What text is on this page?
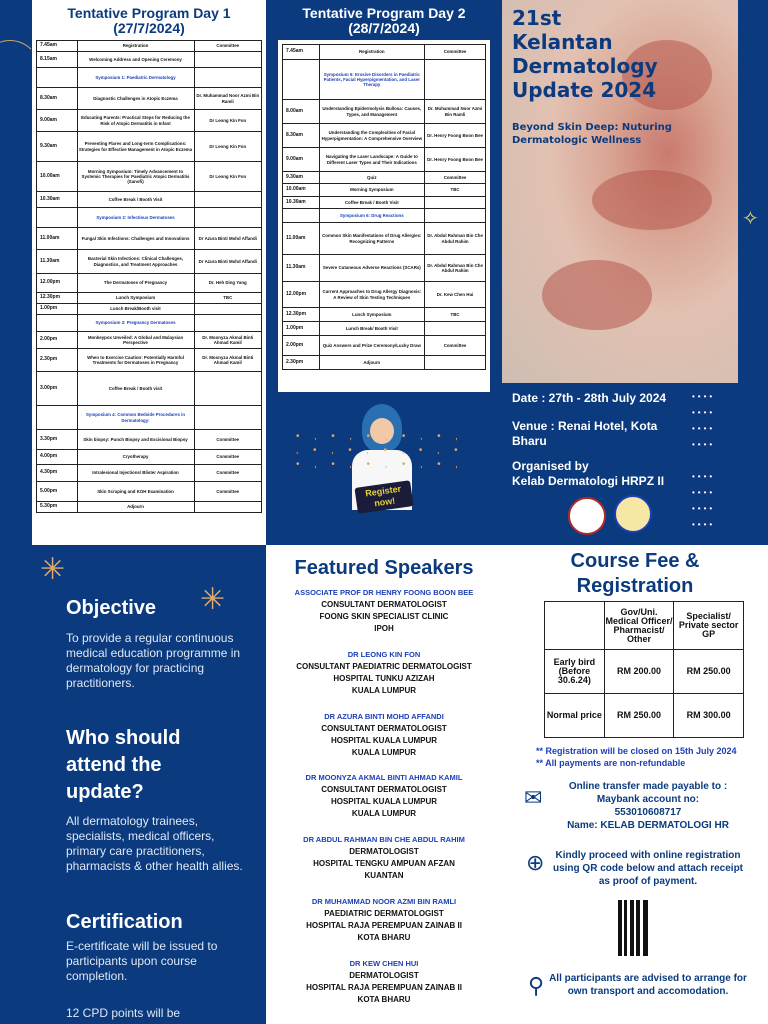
Tentative Program Day 1
(27/7/2024)
7.45am	Registration	Committee
8.15am	Welcoming Address and Opening Ceremony	
	Symposium 1: Paediatric Dermatology	
8.30am	Diagnostic Challenges in Atopic Eczema	Dr. Muhammad Noor Azmi Bin Ramli
9.00am	Educating Parents: Practical Steps for Reducing the Risk of Atopic Dermatitis in Infant	Dr Leong Kin Fon
9.30am	Preventing Flares and Long-term Complications: Strategies for Effective Management in Atopic Eczema	Dr Leong Kin Fon
10.00am	Morning Symposium: Timely Advancement to Systemic Therapies for Paediatric Atopic Dermatitis (Sanofi)	Dr Leong Kin Fon
10.30am	Coffee Break / Booth Visit	
	Symposium 2: Infectious Dermatoses	
11.00am	Fungal Skin Infections: Challenges and Innovations	Dr Azura Binti Mohd Affandi
11.30am	Bacterial Skin Infections: Clinical Challenges, Diagnostics, and Treatment Approaches	Dr Azura Binti Mohd Affandi
12.00pm	The Dermatoses of Pregnancy	Dr. Heh Ding Yang
12.30pm	Lunch Symposium	TBC
1.00pm	Lunch Break/Booth visit	
	Symposium 3: Pregnancy Dermatoses	
2.00pm	Monkeypox Unveiled: A Global and Malaysian Perspective	Dr. Moonyza Akmal Binti Ahmad Kamil
2.30pm	When to Exercise Caution: Potentially Harmful Treatments for Dermatoses in Pregnancy	Dr. Moonyza Akmal Binti Ahmad Kamil
3.00pm	Coffee Break / Booth visit	
	Symposium 4: Common Bedside Procedures in Dermatology:	
3.30pm	Skin biopsy: Punch Biopsy and Excisional Biopsy	Committee
4.00pm	Cryotherapy	Committee
4.30pm	Intralesional Injections/ Blister Aspiration	Committee
5.00pm	Skin Scraping and KOH Examination	Committee
5.30pm	Adjourn	
Tentative Program Day 2
(28/7/2024)
7.45am	Registration	Committee
	Symposium 5: Erosive Disorders in Paediatric Patients, Facial Hyperpigmentation, and Laser Therapy	
8.00am	Understanding Epidermolysis Bullosa: Causes, Types, and Management	Dr. Muhammad Noor Azmi Bin Ramli
8.30am	Understanding the Complexities of Facial Hyperpigmentation: A Comprehensive Overview	Dr. Henry Foong Boon Bee
9.00am	Navigating the Laser Landscape: A Guide to Different Laser Types and Their Indications	Dr. Henry Foong Boon Bee
9.30am	Quiz	Committee
10.00am	Morning Symposium	TBC
10.30am	Coffee Break / Booth Visit	
	Symposium 6: Drug Reactions	
11.00am	Common Skin Manifestations of Drug Allergies: Recognizing Patterns	Dr. Abdul Rahman Bin Che Abdul Rahim
11.30am	Severe Cutaneous Adverse Reactions (SCARs)	Dr. Abdul Rahman Bin Che Abdul Rahim
12.00pm	Current Approaches to Drug Allergy Diagnosis: A Review of Skin Testing Techniques	Dr. Kew Chen Hui
12.30pm	Lunch Symposium	TBC
1.00pm	Lunch Break/ Booth Visit	
2.00pm	Quiz Answers and Prize Ceremony/Lucky Draw	Committee
2.30pm	Adjourn	
Register now!
• ‚ • ‚ • ‚ • ‚ • ‚
‚ • ‚ • ‚ • ‚ • ‚ •
• ‚ • ‚ • ‚ • ‚ • ‚
21st
Kelantan
Dermatology
Update 2024
Beyond Skin Deep: Nuturing Dermatologic Wellness
✧
Date : 27th - 28th July 2024
Venue : Renai Hotel, Kota Bharu
Organised by
Kelab Dermatologi HRPZ II
••••

••••

••••

••••
••••

••••

••••

••••
✳
✳
Objective

To provide a regular continuous medical education programme in dermatology for practicing practitioners.

Who should attend the update?

All dermatology trainees, specialists, medical officers, primary care practitioners, pharmacists & other health allies.

Certification

E-certificate will be issued to participants upon course completion.

12 CPD points will be

Featured Speakers
ASSOCIATE PROF DR HENRY FOONG BOON BEE
CONSULTANT DERMATOLOGIST
FOONG SKIN SPECIALIST CLINIC
IPOH
DR LEONG KIN FON
CONSULTANT PAEDIATRIC DERMATOLOGIST
HOSPITAL TUNKU AZIZAH
KUALA LUMPUR
DR AZURA BINTI MOHD AFFANDI
CONSULTANT DERMATOLOGIST
HOSPITAL KUALA LUMPUR
KUALA LUMPUR
DR MOONYZA AKMAL BINTI AHMAD KAMIL
CONSULTANT DERMATOLOGIST
HOSPITAL KUALA LUMPUR
KUALA LUMPUR
DR ABDUL RAHMAN BIN CHE ABDUL RAHIM
DERMATOLOGIST
HOSPITAL TENGKU AMPUAN AFZAN
KUANTAN
DR MUHAMMAD NOOR AZMI BIN RAMLI
PAEDIATRIC DERMATOLOGIST
HOSPITAL RAJA PEREMPUAN ZAINAB II
KOTA BHARU
DR KEW CHEN HUI
DERMATOLOGIST
HOSPITAL RAJA PEREMPUAN ZAINAB II
KOTA BHARU
Course Fee &
Registration
	Gov/Uni. Medical Officer/ Pharmacist/ Other	Specialist/ Private sector GP
Early bird (Before 30.6.24)	RM 200.00	RM 250.00
Normal price	RM 250.00	RM 300.00
** Registration will be closed on 15th July 2024
** All payments are non-refundable
✉	Online transfer made payable to :
Maybank account no:
553010608717
Name: KELAB DERMATOLOGI HR
⊕	Kindly proceed with online registration using QR code below and attach receipt as proof of payment.
⚲ All participants are advised to arrange for own transport and accomodation.
